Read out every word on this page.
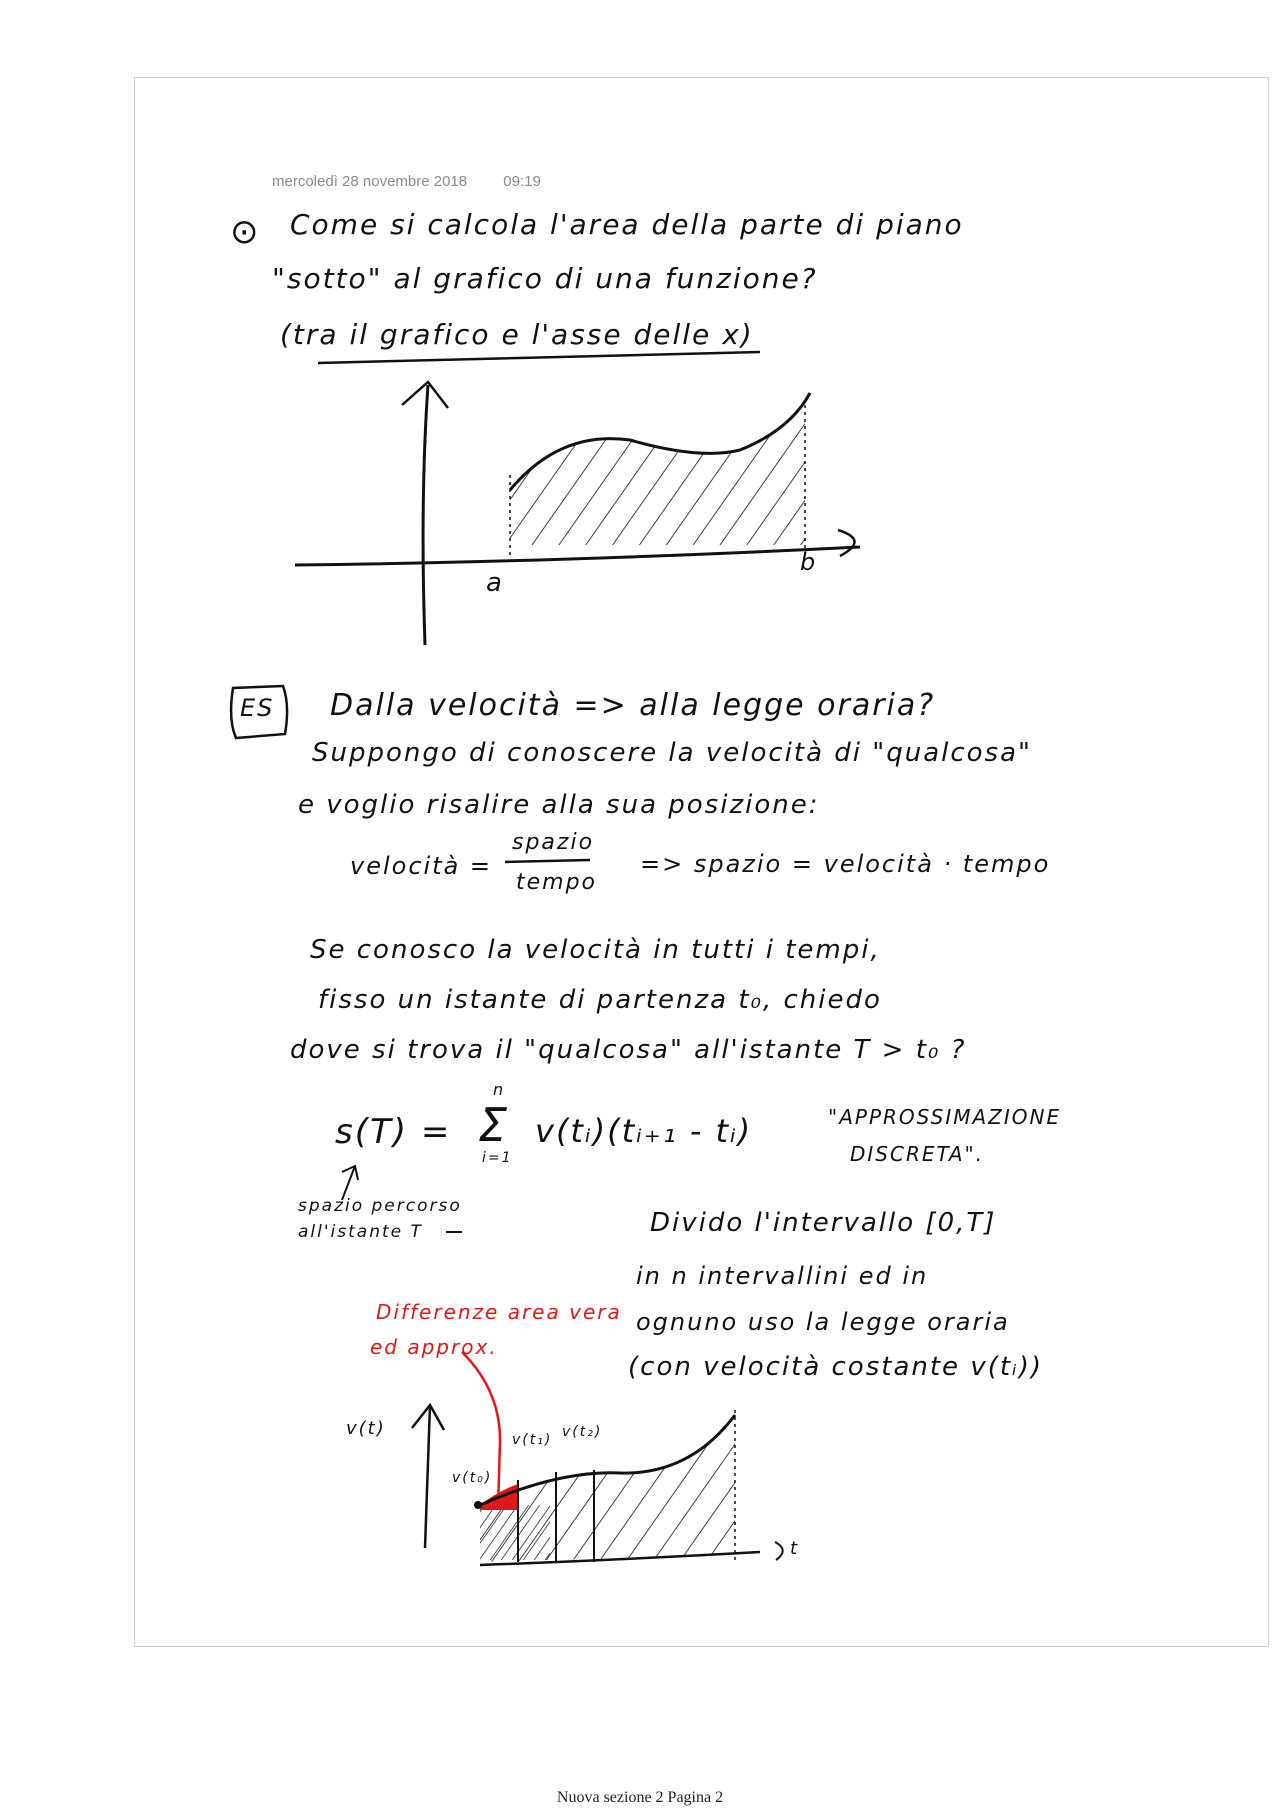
mercoledì 28 novembre 2018 09:19
⊙ Come si calcola l'area della parte di piano
"sotto" al grafico di una funzione?
(tra il grafico e l'asse delle x)
a
b
ES Dalla velocità => alla legge oraria?
Suppongo di conoscere la velocità di "qualcosa"
e voglio risalire alla sua posizione:
velocità =
spazio
tempo
=> spazio = velocità · tempo
Se conosco la velocità in tutti i tempi,
fisso un istante di partenza t₀, chiedo
dove si trova il "qualcosa" all'istante T > t₀ ?
s(T) =
n
Σ
i=1
v(tᵢ)(tᵢ₊₁ - tᵢ)	"APPROSSIMAZIONE
DISCRETA".
spazio percorso
all'istante T	Divido l'intervallo [0,T]
in n intervallini ed in
ognuno uso la legge oraria
(con velocità costante v(tᵢ))
Differenze area vera
ed approx.
v(t)
v(t₀)
v(t₁) v(t₂)
t
Nuova sezione 2 Pagina 2
